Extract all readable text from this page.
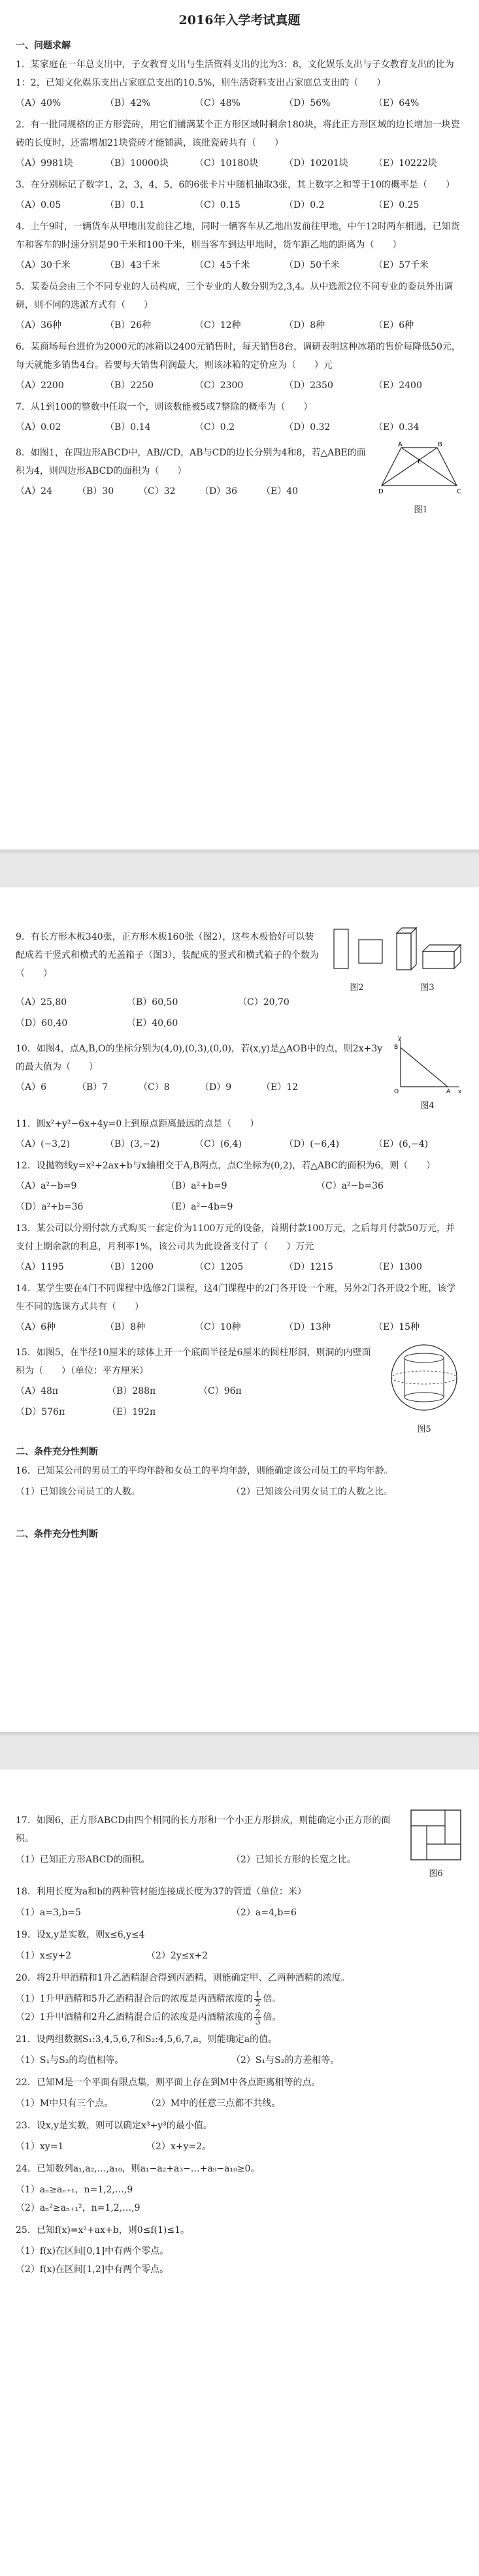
2016年入学考试真题
一、问题求解
1．某家庭在一年总支出中，子女教育支出与生活资料支出的比为3：8，文化娱乐支出与子女教育支出的比为1：2，已知文化娱乐支出占家庭总支出的10.5%，则生活资料支出占家庭总支出的（　　）
（A）40%	（B）42%	（C）48%	（D）56%	（E）64%
2．有一批同规格的正方形瓷砖，用它们铺满某个正方形区域时剩余180块，将此正方形区域的边长增加一块瓷砖的长度时，还需增加21块瓷砖才能铺满，该批瓷砖共有（　　）
（A）9981块	（B）10000块	（C）10180块	（D）10201块	（E）10222块
3．在分别标记了数字1，2，3，4，5，6的6张卡片中随机抽取3张，其上数字之和等于10的概率是（　　）
（A）0.05	（B）0.1	（C）0.15	（D）0.2	（E）0.25
4．上午9时，一辆货车从甲地出发前往乙地，同时一辆客车从乙地出发前往甲地，中午12时两车相遇，已知货车和客车的时速分别是90千米和100千米，则当客车到达甲地时，货车距乙地的距离为（　　）
（A）30千米	（B）43千米	（C）45千米	（D）50千米	（E）57千米
5．某委员会由三个不同专业的人员构成，三个专业的人数分别为2,3,4。从中选派2位不同专业的委员外出调研，则不同的选派方式有（　　）
（A）36种	（B）26种	（C）12种	（D）8种	（E）6种
6．某商场每台进价为2000元的冰箱以2400元销售时，每天销售8台，调研表明这种冰箱的售价每降低50元，每天就能多销售4台。若要每天销售利润最大，则该冰箱的定价应为（　　）元
（A）2200	（B）2250	（C）2300	（D）2350	（E）2400
7．从1到100的整数中任取一个，则该数能被5或7整除的概率为（　　）
（A）0.02	（B）0.14	（C）0.2	（D）0.32	（E）0.34
8．如图1，在四边形ABCD中，AB//CD，AB与CD的边长分别为4和8，若△ABE的面积为4，则四边形ABCD的面积为（　　）
（A）24	（B）30	（C）32	（D）36	（E）40
A	B
C
D
E
图1
9．有长方形木板340张，正方形木板160张（图2），这些木板恰好可以装配成若干竖式和横式的无盖箱子（图3），装配成的竖式和横式箱子的个数为（　　）
图2	图3
（A）25,80	（B）60,50	（C）20,70
（D）60,40	（E）40,60
10．如图4，点A,B,O的坐标分别为(4,0),(0,3),(0,0)，若(x,y)是△AOB中的点，则2x+3y的最大值为（　　）
（A）6	（B）7	（C）8	（D）9	（E）12	O	A
B
x
y
图4
11．圆x²+y²−6x+4y=0上到原点距离最远的点是（　　）
（A）(−3,2)	（B）(3,−2)	（C）(6,4)	（D）(−6,4)	（E）(6,−4)
12．设抛物线y=x²+2ax+b与x轴相交于A,B两点，点C坐标为(0,2)，若△ABC的面积为6，则（　　）
（A）a²−b=9	（B）a²+b=9	（C）a²−b=36
（D）a²+b=36	（E）a²−4b=9
13．某公司以分期付款方式购买一套定价为1100万元的设备，首期付款100万元，之后每月付款50万元，并支付上期余款的利息，月利率1%，该公司共为此设备支付了（　　）万元
（A）1195	（B）1200	（C）1205	（D）1215	（E）1300
14．某学生要在4门不同课程中选修2门课程，这4门课程中的2门各开设一个班，另外2门各开设2个班，该学生不同的选课方式共有（　　）
（A）6种	（B）8种	（C）10种	（D）13种	（E）15种
15．如图5，在半径10厘米的球体上开一个底面半径是6厘米的圆柱形洞，则洞的内壁面积为（　　）（单位：平方厘米）
（A）48π	（B）288π	（C）96π
（D）576π	（E）192π
图5
二、条件充分性判断
16．已知某公司的男员工的平均年龄和女员工的平均年龄，则能确定该公司员工的平均年龄。
（1）已知该公司员工的人数。	（2）已知该公司男女员工的人数之比。
二、条件充分性判断
17．如图6，正方形ABCD由四个相同的长方形和一个小正方形拼成，则能确定小正方形的面积。
（1）已知正方形ABCD的面积。	（2）已知长方形的长宽之比。
图6
18．利用长度为a和b的两种管材能连接成长度为37的管道（单位：米）
（1）a=3,b=5	（2）a=4,b=6
19．设x,y是实数，则x≤6,y≤4
（1）x≤y+2	（2）2y≤x+2
20．将2升甲酒精和1升乙酒精混合得到丙酒精，则能确定甲、乙两种酒精的浓度。
（1）1升甲酒精和5升乙酒精混合后的浓度是丙酒精浓度的 $\frac{1}{2}$ 倍。
（2）1升甲酒精和2升乙酒精混合后的浓度是丙酒精浓度的 $\frac{2}{3}$ 倍。
21．设两组数据S₁:3,4,5,6,7和S₂:4,5,6,7,a，则能确定a的值。
（1）S₁与S₂的均值相等。	（2）S₁与S₂的方差相等。
22．已知M是一个平面有限点集，则平面上存在到M中各点距离相等的点。
（1）M中只有三个点。	（2）M中的任意三点都不共线。
23．设x,y是实数，则可以确定x³+y³的最小值。
（1）xy=1	（2）x+y=2。
24．已知数列a₁,a₂,…,a₁₀，则a₁−a₂+a₃−…+a₉−a₁₀≥0。
（1）aₙ≥aₙ₊₁，n=1,2,…,9
（2）aₙ²≥aₙ₊₁²，n=1,2,…,9
25．已知f(x)=x²+ax+b，则0≤f(1)≤1。
（1）f(x)在区间[0,1]中有两个零点。
（2）f(x)在区间[1,2]中有两个零点。
